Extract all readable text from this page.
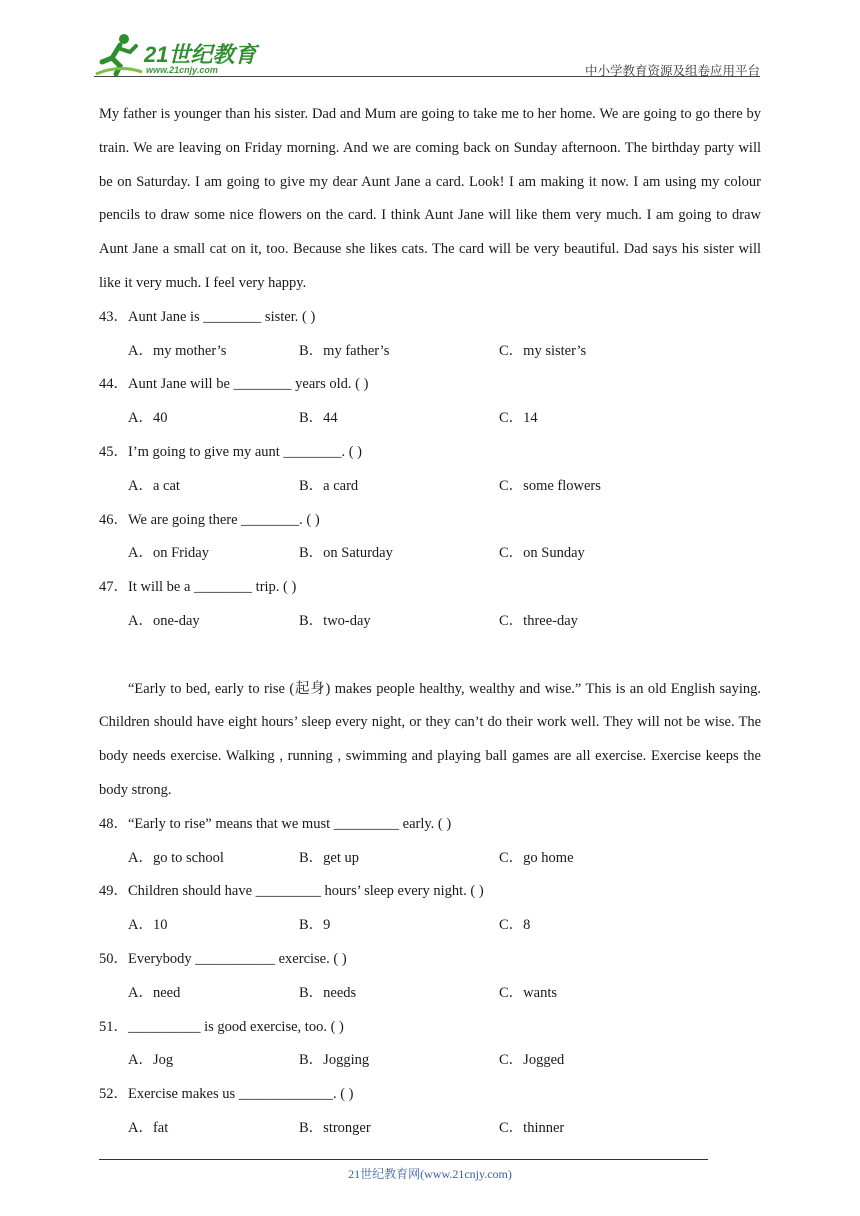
21世纪教育
www.21cnjy.com	中小学教育资源及组卷应用平台

My father is younger than his sister. Dad and Mum are going to take me to her home. We are going to go there by train. We are leaving on Friday morning. And we are coming back on Sunday afternoon. The birthday party will be on Saturday. I am going to give my dear Aunt Jane a card. Look! I am making it now. I am using my colour pencils to draw some nice flowers on the card. I think Aunt Jane will like them very much. I am going to draw Aunt Jane a small cat on it, too. Because she likes cats. The card will be very beautiful. Dad says his sister will like it very much. I feel very happy.

43．Aunt Jane is ________ sister. ( )
A．my mother’s	B．my father’s	C．my sister’s
44．Aunt Jane will be ________ years old. ( )
A．40	B．44	C．14
45．I’m going to give my aunt ________. ( )
A．a cat	B．a card	C．some flowers
46．We are going there ________. ( )
A．on Friday	B．on Saturday	C．on Sunday
47．It will be a ________ trip. ( )
A．one-day	B．two-day	C．three-day

“Early to bed, early to rise (起身) makes people healthy, wealthy and wise.” This is an old English saying. Children should have eight hours’ sleep every night, or they can’t do their work well. They will not be wise. The body needs exercise. Walking , running , swimming and playing ball games are all exercise. Exercise keeps the body strong.

48．“Early to rise” means that we must _________ early. ( )
A．go to school	B．get up	C．go home
49．Children should have _________ hours’ sleep every night. ( )
A．10	B．9	C．8
50．Everybody ___________ exercise. ( )
A．need	B．needs	C．wants
51．__________ is good exercise, too. ( )
A．Jog	B．Jogging	C．Jogged
52．Exercise makes us _____________. ( )
A．fat	B．stronger	C．thinner
21世纪教育网(www.21cnjy.com)
